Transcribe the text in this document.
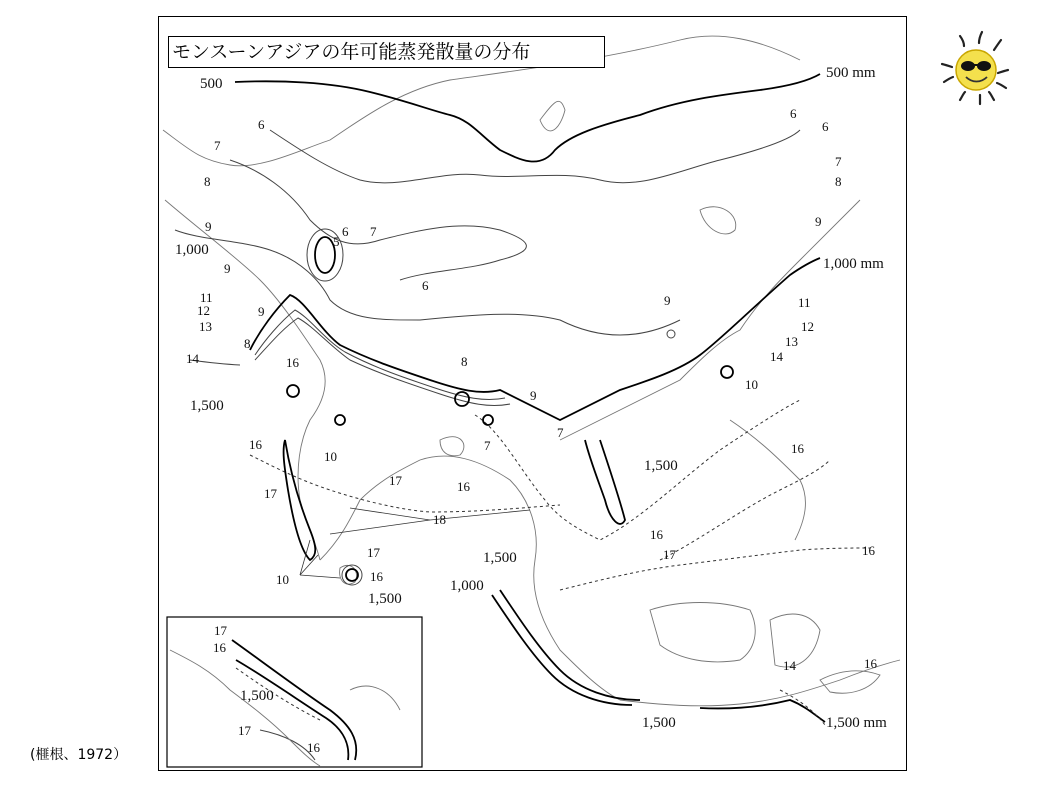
500
500 mm
1,000
1,000 mm
1,000
1,500
1,500
1,500
1,500
1,500	1,500 mm
1,500
6
6
6
6
6
5
7
7
7
7
7
8
8
8
8
9
9
9
9
9
9
10
10
10
11	11
12
12
13
13
14	14
14
16
16
16
16
16
16
16
16
16
16
17
17
17
17
17
17
18
モンスーンアジアの年可能蒸発散量の分布
(榧根、1972）
